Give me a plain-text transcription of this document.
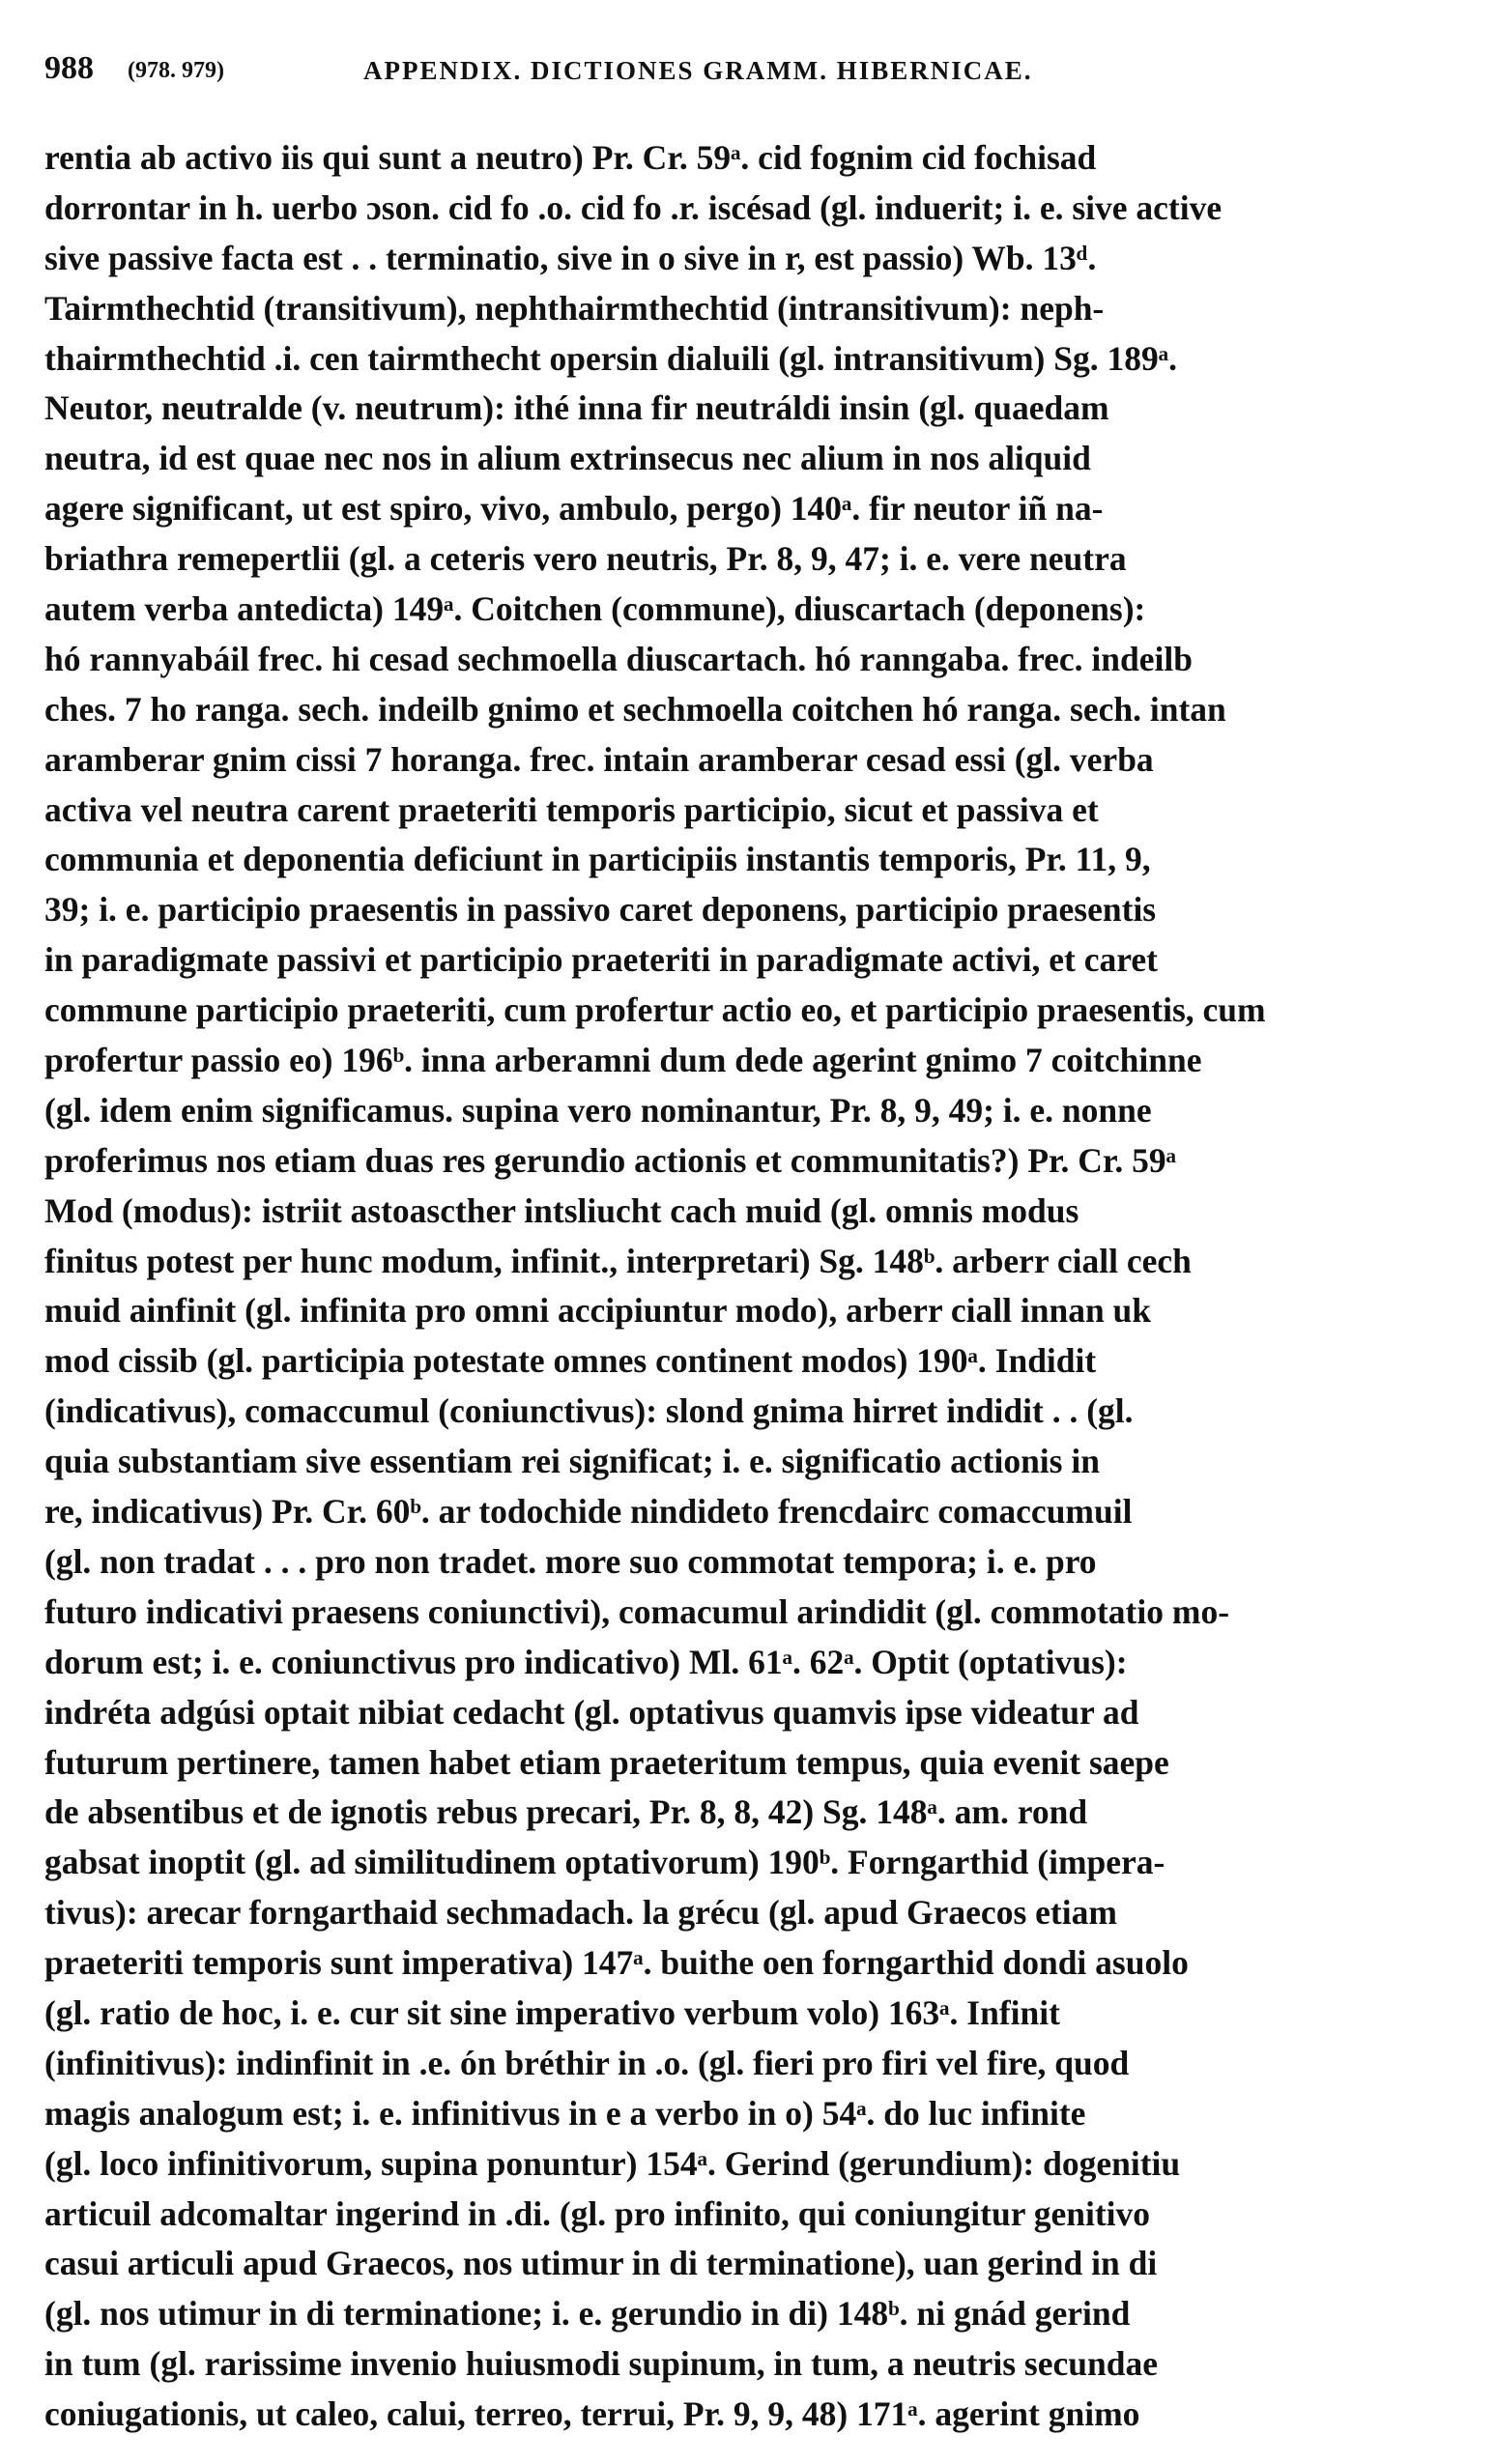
988 (978. 979)	APPENDIX. DICTIONES GRAMM. HIBERNICAE.
rentia ab activo iis qui sunt a neutro) Pr. Cr. 59ᵃ. cid fognim cid fochisad
dorrontar in h. uerbo ɔson. cid fo .o. cid fo .r. iscésad (gl. induerit; i. e. sive active
sive passive facta est . . terminatio, sive in o sive in r, est passio) Wb. 13ᵈ.
Tairmthechtid (transitivum), nephthairmthechtid (intransitivum): neph-
thairmthechtid .i. cen tairmthecht opersin dialuili (gl. intransitivum) Sg. 189ᵃ.
Neutor, neutralde (v. neutrum): ithé inna fir neutráldi insin (gl. quaedam
neutra, id est quae nec nos in alium extrinsecus nec alium in nos aliquid
agere significant, ut est spiro, vivo, ambulo, pergo) 140ᵃ. fir neutor iñ na-
briathra remepertlii (gl. a ceteris vero neutris, Pr. 8, 9, 47; i. e. vere neutra
autem verba antedicta) 149ᵃ. Coitchen (commune), diuscartach (deponens):
hó rannyabáil frec. hi cesad sechmoella diuscartach. hó ranngaba. frec. indeilb
ches. 7 ho ranga. sech. indeilb gnimo et sechmoella coitchen hó ranga. sech. intan
aramberar gnim cissi 7 horanga. frec. intain aramberar cesad essi (gl. verba
activa vel neutra carent praeteriti temporis participio, sicut et passiva et
communia et deponentia deficiunt in participiis instantis temporis, Pr. 11, 9,
39; i. e. participio praesentis in passivo caret deponens, participio praesentis
in paradigmate passivi et participio praeteriti in paradigmate activi, et caret
commune participio praeteriti, cum profertur actio eo, et participio praesentis, cum
profertur passio eo) 196ᵇ. inna arberamni dum dede agerint gnimo 7 coitchinne
(gl. idem enim significamus. supina vero nominantur, Pr. 8, 9, 49; i. e. nonne
proferimus nos etiam duas res gerundio actionis et communitatis?) Pr. Cr. 59ᵃ
Mod (modus): istriit astoascther intsliucht cach muid (gl. omnis modus
finitus potest per hunc modum, infinit., interpretari) Sg. 148ᵇ. arberr ciall cech
muid ainfinit (gl. infinita pro omni accipiuntur modo), arberr ciall innan uk
mod cissib (gl. participia potestate omnes continent modos) 190ᵃ. Indidit
(indicativus), comaccumul (coniunctivus): slond gnima hirret indidit . . (gl.
quia substantiam sive essentiam rei significat; i. e. significatio actionis in
re, indicativus) Pr. Cr. 60ᵇ. ar todochide nindideto frencdairc comaccumuil
(gl. non tradat . . . pro non tradet. more suo commotat tempora; i. e. pro
futuro indicativi praesens coniunctivi), comacumul arindidit (gl. commotatio mo-
dorum est; i. e. coniunctivus pro indicativo) Ml. 61ᵃ. 62ᵃ. Optit (optativus):
indréta adgúsi optait nibiat cedacht (gl. optativus quamvis ipse videatur ad
futurum pertinere, tamen habet etiam praeteritum tempus, quia evenit saepe
de absentibus et de ignotis rebus precari, Pr. 8, 8, 42) Sg. 148ᵃ. am. rond
gabsat inoptit (gl. ad similitudinem optativorum) 190ᵇ. Forngarthid (impera-
tivus): arecar forngarthaid sechmadach. la grécu (gl. apud Graecos etiam
praeteriti temporis sunt imperativa) 147ᵃ. buithe oen forngarthid dondi asuolo
(gl. ratio de hoc, i. e. cur sit sine imperativo verbum volo) 163ᵃ. Infinit
(infinitivus): indinfinit in .e. ón bréthir in .o. (gl. fieri pro firi vel fire, quod
magis analogum est; i. e. infinitivus in e a verbo in o) 54ᵃ. do luc infinite
(gl. loco infinitivorum, supina ponuntur) 154ᵃ. Gerind (gerundium): dogenitiu
articuil adcomaltar ingerind in .di. (gl. pro infinito, qui coniungitur genitivo
casui articuli apud Graecos, nos utimur in di terminatione), uan gerind in di
(gl. nos utimur in di terminatione; i. e. gerundio in di) 148ᵇ. ni gnád gerind
in tum (gl. rarissime invenio huiusmodi supinum, in tum, a neutris secundae
coniugationis, ut caleo, calui, terreo, terrui, Pr. 9, 9, 48) 171ᵃ. agerint gnimo
